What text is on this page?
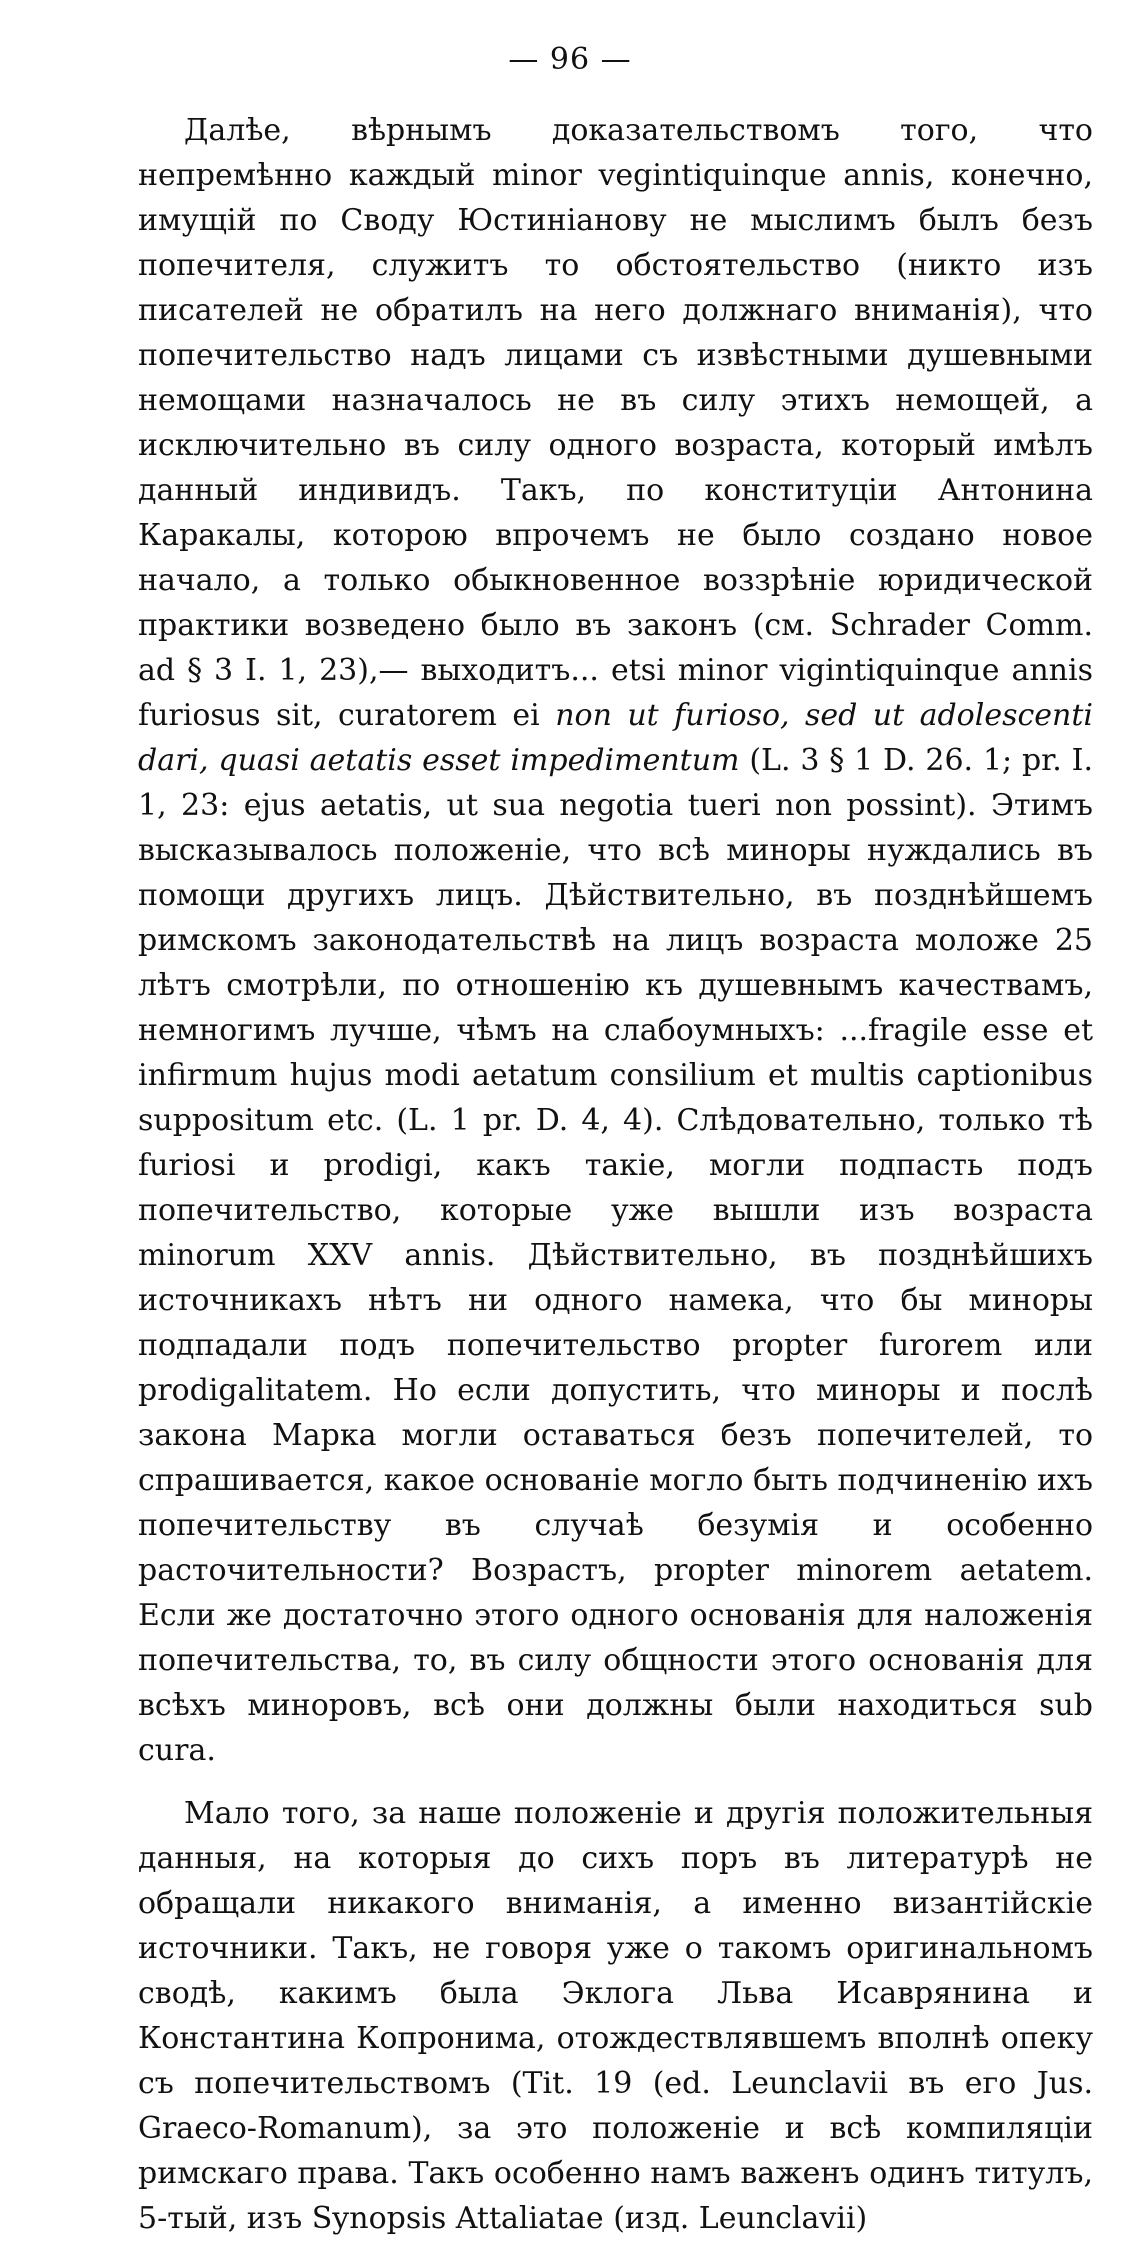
— 96 —

Далѣе, вѣрнымъ доказательствомъ того, что непремѣнно каждый minor vegintiquinque annis, конечно, имущій по Своду Юстиніанову не мыслимъ былъ безъ попечителя, служитъ то обстоятельство (никто изъ писателей не обратилъ на него должнаго вниманія), что попечительство надъ лицами съ извѣстными душевными немощами назначалось не въ силу этихъ немощей, а исключительно въ силу одного возраста, который имѣлъ данный индивидъ. Такъ, по конституціи Антонина Каракалы, которою впрочемъ не было создано новое начало, а только обыкновенное воззрѣніе юридической практики возведено было въ законъ (см. Schrader Comm. ad § 3 I. 1, 23),— выходитъ... etsi minor vigintiquinque annis furiosus sit, curatorem ei non ut furioso, sed ut adolescenti dari, quasi aetatis esset impedimentum (L. 3 § 1 D. 26. 1; pr. I. 1, 23: ejus aetatis, ut sua negotia tueri non possint). Этимъ высказывалось положеніе, что всѣ миноры нуждались въ помощи другихъ лицъ. Дѣйствительно, въ позднѣйшемъ римскомъ законодательствѣ на лицъ возраста моложе 25 лѣтъ смотрѣли, по отношенію къ душевнымъ качествамъ, немногимъ лучше, чѣмъ на слабоумныхъ: ...fragile esse et infirmum hujus modi aetatum consilium et multis captionibus suppositum etc. (L. 1 pr. D. 4, 4). Слѣдовательно, только тѣ furiosi и prodigi, какъ такіе, могли подпасть подъ попечительство, которые уже вышли изъ возраста minorum XXV annis. Дѣйствительно, въ позднѣйшихъ источникахъ нѣтъ ни одного намека, что бы миноры подпадали подъ попечительство propter furorem или prodigalitatem. Но если допустить, что миноры и послѣ закона Марка могли оставаться безъ попечителей, то спрашивается, какое основаніе могло быть подчиненію ихъ попечительству въ случаѣ безумія и особенно расточительности? Возрастъ, propter minorem aetatem. Если же достаточно этого одного основанія для наложенія попечительства, то, въ силу общности этого основанія для всѣхъ миноровъ, всѣ они должны были находиться sub cura.

Мало того, за наше положеніе и другія положительныя данныя, на которыя до сихъ поръ въ литературѣ не обращали никакого вниманія, а именно византійскіе источники. Такъ, не говоря уже о такомъ оригинальномъ сводѣ, какимъ была Эклога Льва Исаврянина и Константина Копронима, отождествлявшемъ вполнѣ опеку съ попечительствомъ (Tit. 19 (ed. Leunclavii въ его Jus. Graeco-Romanum), за это положеніе и всѣ компиляціи римскаго права. Такъ особенно намъ важенъ одинъ титулъ, 5-тый, изъ Synopsis Attaliatae (изд. Leunclavii)
